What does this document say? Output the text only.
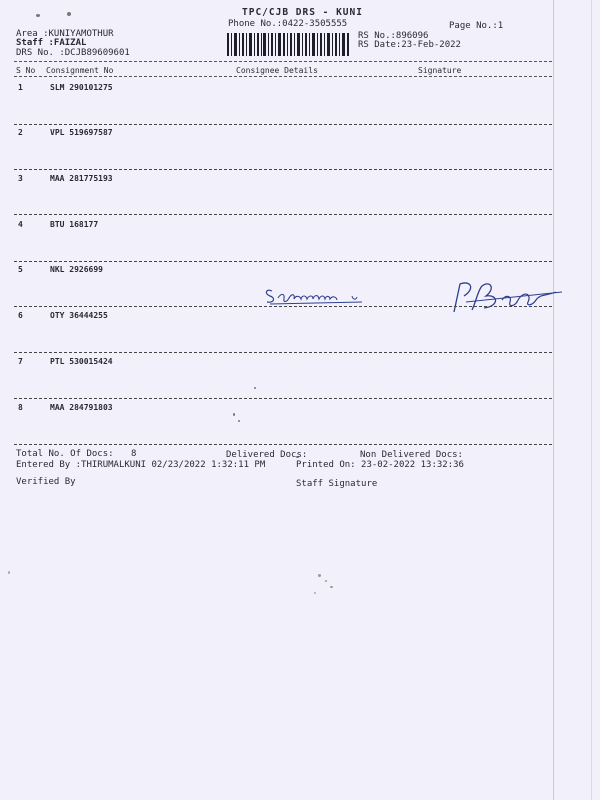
TPC/CJB DRS - KUNI
Phone No.:0422-3505555	Page No.:1
Area :KUNIYAMOTHUR
Staff :FAIZAL
DRS No. :DCJB89609601
RS No.:896096
RS Date:23-Feb-2022
S No Consignment No	Consignee Details	Signature
1	SLM 290101275
2	VPL 519697587
3	MAA 281775193
4	BTU 168177
5	NKL 2926699
6	OTY 36444255
7	PTL 530015424
8	MAA 284791803
Total No. Of Docs: 8	Delivered Docs:	Non Delivered Docs:
Entered By :THIRUMALKUNI 02/23/2022 1:32:11 PM	Printed On: 23-02-2022 13:32:36
Verified By	Staff Signature
